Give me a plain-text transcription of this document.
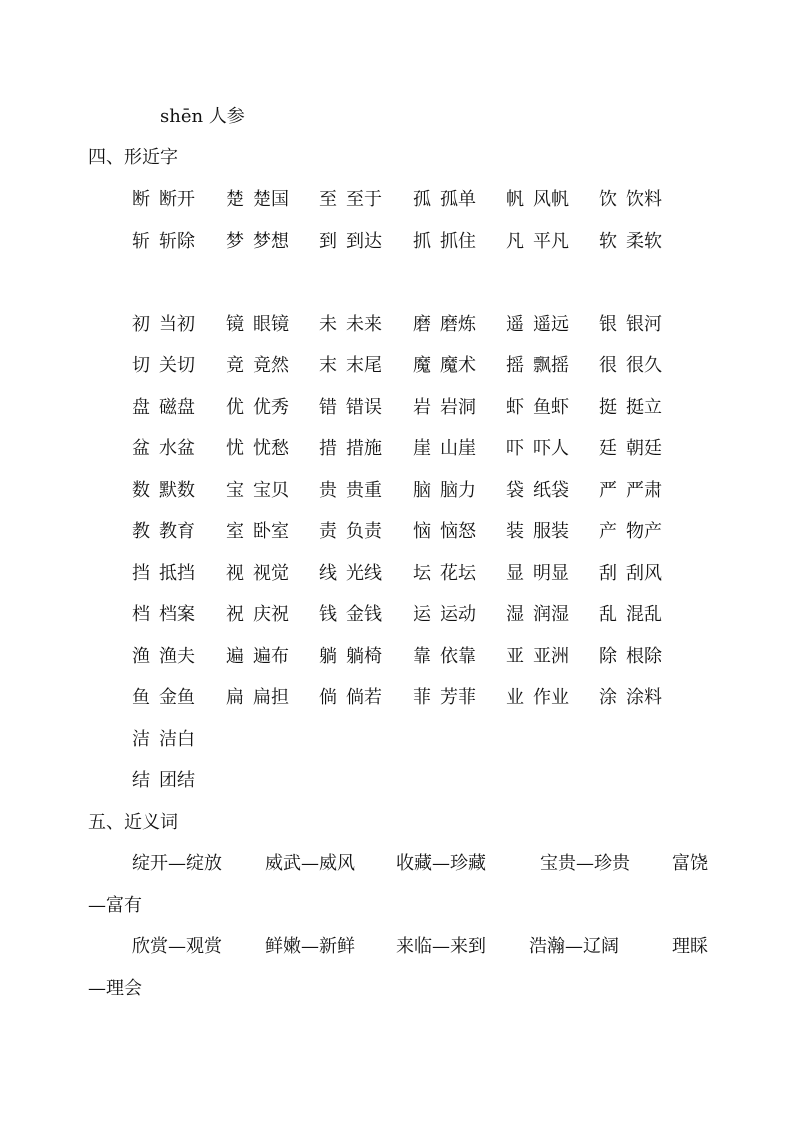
shēn 人参
四、形近字
断 断开 楚 楚国 至 至于 孤 孤单 帆 风帆 饮 饮料
斩 斩除 梦 梦想 到 到达 抓 抓住 凡 平凡 软 柔软
初 当初 镜 眼镜 未 未来 磨 磨炼 遥 遥远 银 银河
切 关切 竟 竟然 末 末尾 魔 魔术 摇 飘摇 很 很久
盘 磁盘 优 优秀 错 错误 岩 岩洞 虾 鱼虾 挺 挺立
盆 水盆 忧 忧愁 措 措施 崖 山崖 吓 吓人 廷 朝廷
数 默数 宝 宝贝 贵 贵重 脑 脑力 袋 纸袋 严 严肃
教 教育 室 卧室 责 负责 恼 恼怒 装 服装 产 物产
挡 抵挡 视 视觉 线 光线 坛 花坛 显 明显 刮 刮风
档 档案 祝 庆祝 钱 金钱 运 运动 湿 润湿 乱 混乱
渔 渔夫 遍 遍布 躺 躺椅 靠 依靠 亚 亚洲 除 根除
鱼 金鱼 扁 扁担 倘 倘若 菲 芳菲 业 作业 涂 涂料
洁 洁白
结 团结
五、近义词
绽开—绽放 威武—威风 收藏—珍藏	宝贵—珍贵 富饶
—富有
欣赏—观赏 鲜嫩—新鲜 来临—来到 浩瀚—辽阔	理睬
—理会
